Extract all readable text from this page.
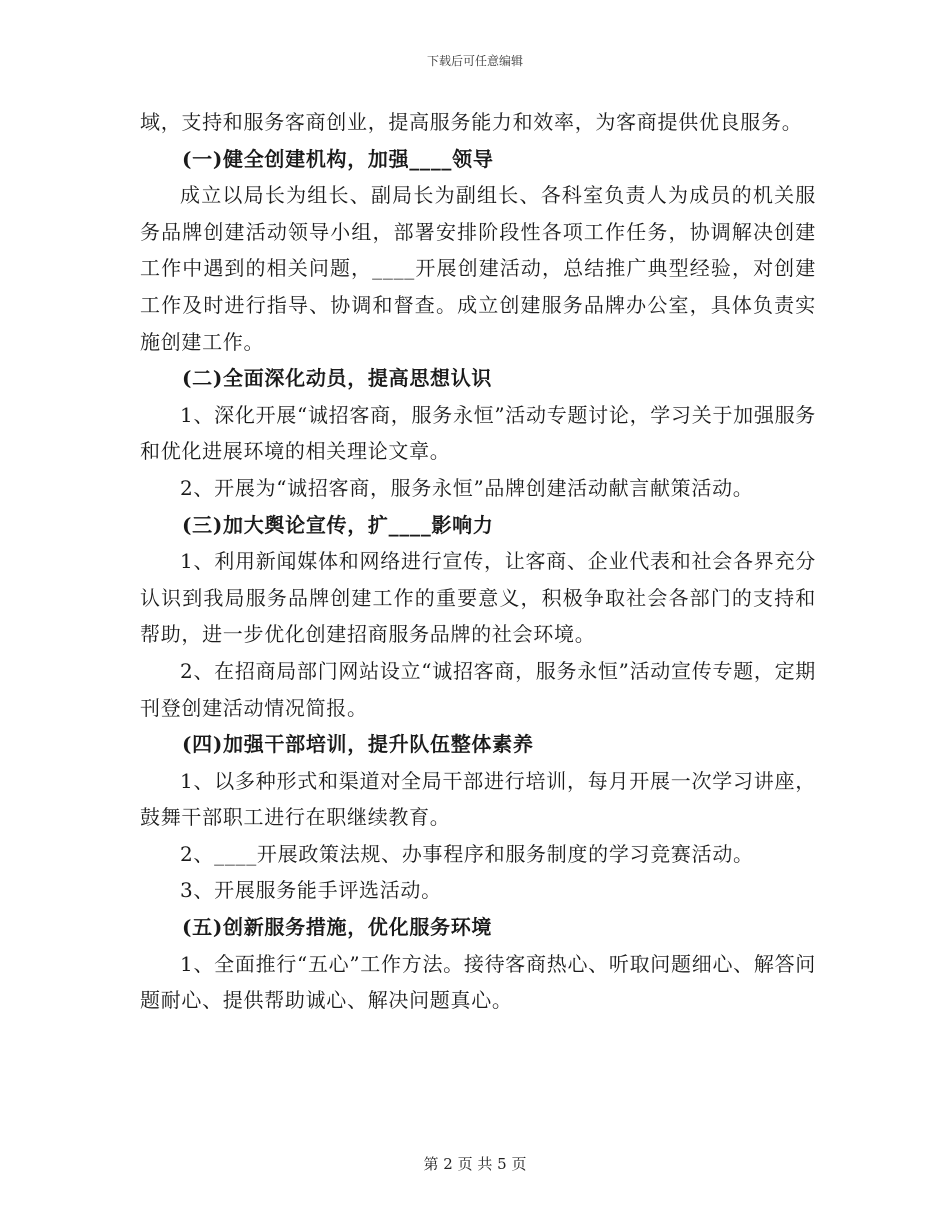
下载后可任意编辑

域，支持和服务客商创业，提高服务能力和效率，为客商提供优良服务。

(一)健全创建机构，加强____领导

成立以局长为组长、副局长为副组长、各科室负责人为成员的机关服务品牌创建活动领导小组，部署安排阶段性各项工作任务，协调解决创建工作中遇到的相关问题，____开展创建活动，总结推广典型经验，对创建工作及时进行指导、协调和督查。成立创建服务品牌办公室，具体负责实施创建工作。

(二)全面深化动员，提高思想认识

1、深化开展“诚招客商，服务永恒”活动专题讨论，学习关于加强服务和优化进展环境的相关理论文章。

2、开展为“诚招客商，服务永恒”品牌创建活动献言献策活动。

(三)加大舆论宣传，扩____影响力

1、利用新闻媒体和网络进行宣传，让客商、企业代表和社会各界充分认识到我局服务品牌创建工作的重要意义，积极争取社会各部门的支持和帮助，进一步优化创建招商服务品牌的社会环境。

2、在招商局部门网站设立“诚招客商，服务永恒”活动宣传专题，定期刊登创建活动情况简报。

(四)加强干部培训，提升队伍整体素养

1、以多种形式和渠道对全局干部进行培训，每月开展一次学习讲座，鼓舞干部职工进行在职继续教育。

2、____开展政策法规、办事程序和服务制度的学习竞赛活动。

3、开展服务能手评选活动。

(五)创新服务措施，优化服务环境

1、全面推行“五心”工作方法。接待客商热心、听取问题细心、解答问题耐心、提供帮助诚心、解决问题真心。

第 2 页 共 5 页
